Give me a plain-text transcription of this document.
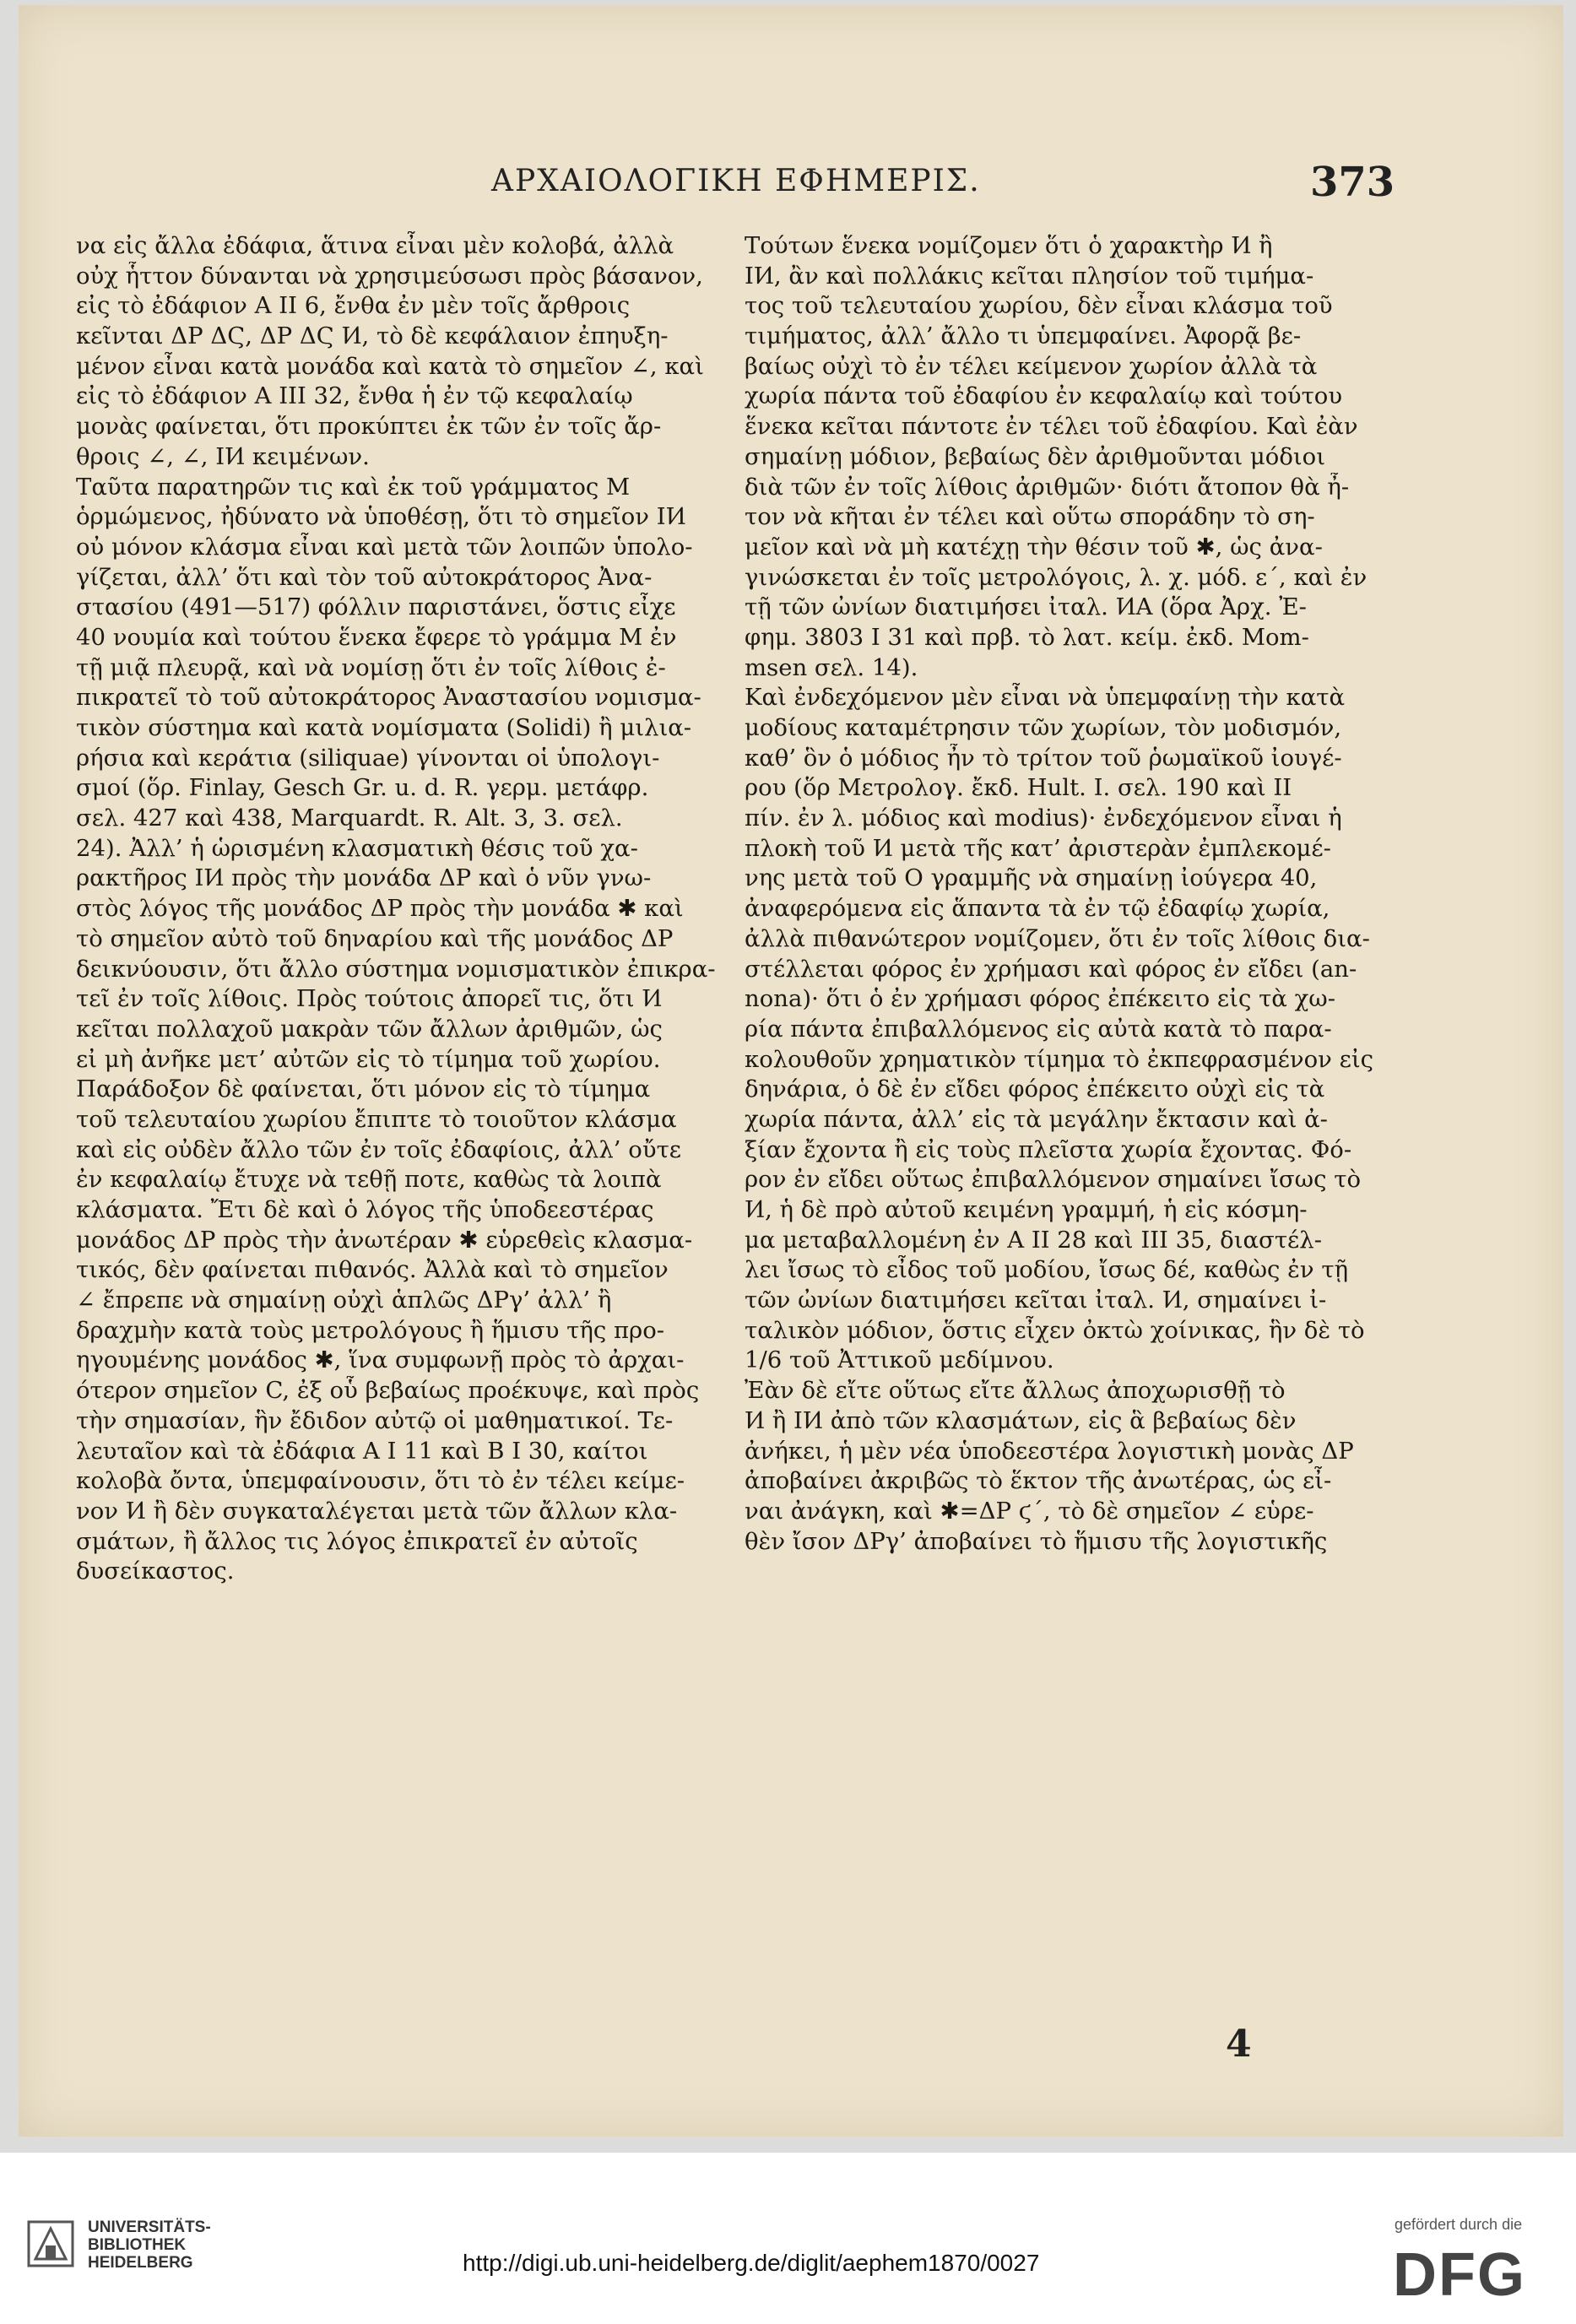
ΑΡΧΑΙΟΛΟΓΙΚΗ ΕΦΗΜΕΡΙΣ.	373
να εἰς ἄλλα ἐδάφια, ἅτινα εἶναι μὲν κολοβά, ἀλλὰ
οὐχ ἧττον δύνανται νὰ χρησιμεύσωσι πρὸς βάσανον,
εἰς τὸ ἐδάφιον Α ΙΙ 6, ἔνθα ἐν μὲν τοῖς ἄρθροις
κεῖνται ΔΡ ΔϚ, ΔΡ ΔϚ Ͷ, τὸ δὲ κεφάλαιον ἐπηυξη-
μένον εἶναι κατὰ μονάδα καὶ κατὰ τὸ σημεῖον ∠, καὶ
εἰς τὸ ἐδάφιον Α ΙΙΙ 32, ἔνθα ἡ ἐν τῷ κεφαλαίῳ
μονὰς φαίνεται, ὅτι προκύπτει ἐκ τῶν ἐν τοῖς ἄρ-
θροις ∠, ∠, ΙͶ κειμένων.
Ταῦτα παρατηρῶν τις καὶ ἐκ τοῦ γράμματος Μ
ὁρμώμενος, ἠδύνατο νὰ ὑποθέσῃ, ὅτι τὸ σημεῖον ΙͶ
οὐ μόνον κλάσμα εἶναι καὶ μετὰ τῶν λοιπῶν ὑπολο-
γίζεται, ἀλλ’ ὅτι καὶ τὸν τοῦ αὐτοκράτορος Ἀνα-
στασίου (491—517) φόλλιν παριστάνει, ὅστις εἶχε
40 νουμία καὶ τούτου ἕνεκα ἔφερε τὸ γράμμα Μ ἐν
τῇ μιᾷ πλευρᾷ, καὶ νὰ νομίσῃ ὅτι ἐν τοῖς λίθοις ἐ-
πικρατεῖ τὸ τοῦ αὐτοκράτορος Ἀναστασίου νομισμα-
τικὸν σύστημα καὶ κατὰ νομίσματα (Solidi) ἢ μιλια-
ρήσια καὶ κεράτια (siliquae) γίνονται οἱ ὑπολογι-
σμοί (ὅρ. Finlay, Gesch Gr. u. d. R. γερμ. μετάφρ.
σελ. 427 καὶ 438, Marquardt. R. Alt. 3, 3. σελ.
24). Ἀλλ’ ἡ ὡρισμένη κλασματικὴ θέσις τοῦ χα-
ρακτῆρος ΙͶ πρὸς τὴν μονάδα ΔΡ καὶ ὁ νῦν γνω-
στὸς λόγος τῆς μονάδος ΔΡ πρὸς τὴν μονάδα ✱ καὶ
τὸ σημεῖον αὐτὸ τοῦ δηναρίου καὶ τῆς μονάδος ΔΡ
δεικνύουσιν, ὅτι ἄλλο σύστημα νομισματικὸν ἐπικρα-
τεῖ ἐν τοῖς λίθοις. Πρὸς τούτοις ἀπορεῖ τις, ὅτι Ͷ
κεῖται πολλαχοῦ μακρὰν τῶν ἄλλων ἀριθμῶν, ὡς
εἰ μὴ ἀνῆκε μετ’ αὐτῶν εἰς τὸ τίμημα τοῦ χωρίου.
Παράδοξον δὲ φαίνεται, ὅτι μόνον εἰς τὸ τίμημα
τοῦ τελευταίου χωρίου ἔπιπτε τὸ τοιοῦτον κλάσμα
καὶ εἰς οὐδὲν ἄλλο τῶν ἐν τοῖς ἐδαφίοις, ἀλλ’ οὔτε
ἐν κεφαλαίῳ ἔτυχε νὰ τεθῇ ποτε, καθὼς τὰ λοιπὰ
κλάσματα. Ἔτι δὲ καὶ ὁ λόγος τῆς ὑποδεεστέρας
μονάδος ΔΡ πρὸς τὴν ἀνωτέραν ✱ εὑρεθεὶς κλασμα-
τικός, δὲν φαίνεται πιθανός. Ἀλλὰ καὶ τὸ σημεῖον
∠ ἔπρεπε νὰ σημαίνῃ οὐχὶ ἁπλῶς ΔΡγ’ ἀλλ’ ἢ
δραχμὴν κατὰ τοὺς μετρολόγους ἢ ἥμισυ τῆς προ-
ηγουμένης μονάδος ✱, ἵνα συμφωνῇ πρὸς τὸ ἀρχαι-
ότερον σημεῖον C, ἐξ οὗ βεβαίως προέκυψε, καὶ πρὸς
τὴν σημασίαν, ἣν ἔδιδον αὐτῷ οἱ μαθηματικοί. Τε-
λευταῖον καὶ τὰ ἐδάφια Α Ι 11 καὶ Β Ι 30, καίτοι
κολοβὰ ὄντα, ὑπεμφαίνουσιν, ὅτι τὸ ἐν τέλει κείμε-
νον Ͷ ἢ δὲν συγκαταλέγεται μετὰ τῶν ἄλλων κλα-
σμάτων, ἢ ἄλλος τις λόγος ἐπικρατεῖ ἐν αὐτοῖς
δυσείκαστος.
Τούτων ἕνεκα νομίζομεν ὅτι ὁ χαρακτὴρ Ͷ ἢ
ΙͶ, ἂν καὶ πολλάκις κεῖται πλησίον τοῦ τιμήμα-
τος τοῦ τελευταίου χωρίου, δὲν εἶναι κλάσμα τοῦ
τιμήματος, ἀλλ’ ἄλλο τι ὑπεμφαίνει. Ἀφορᾷ βε-
βαίως οὐχὶ τὸ ἐν τέλει κείμενον χωρίον ἀλλὰ τὰ
χωρία πάντα τοῦ ἐδαφίου ἐν κεφαλαίῳ καὶ τούτου
ἕνεκα κεῖται πάντοτε ἐν τέλει τοῦ ἐδαφίου. Καὶ ἐὰν
σημαίνῃ μόδιον, βεβαίως δὲν ἀριθμοῦνται μόδιοι
διὰ τῶν ἐν τοῖς λίθοις ἀριθμῶν· διότι ἄτοπον θὰ ἦ-
τον νὰ κῆται ἐν τέλει καὶ οὕτω σποράδην τὸ ση-
μεῖον καὶ νὰ μὴ κατέχῃ τὴν θέσιν τοῦ ✱, ὡς ἀνα-
γινώσκεται ἐν τοῖς μετρολόγοις, λ. χ. μόδ. ε΄, καὶ ἐν
τῇ τῶν ὠνίων διατιμήσει ἰταλ. ͶΑ (ὅρα Ἀρχ. Ἐ-
φημ. 3803 Ι 31 καὶ πρβ. τὸ λατ. κείμ. ἐκδ. Mom-
msen σελ. 14).
Καὶ ἐνδεχόμενον μὲν εἶναι νὰ ὑπεμφαίνῃ τὴν κατὰ
μοδίους καταμέτρησιν τῶν χωρίων, τὸν μοδισμόν,
καθ’ ὃν ὁ μόδιος ἦν τὸ τρίτον τοῦ ῥωμαϊκοῦ ἰουγέ-
ρου (ὅρ Μετρολογ. ἔκδ. Hult. I. σελ. 190 καὶ ΙΙ
πίν. ἐν λ. μόδιος καὶ modius)· ἐνδεχόμενον εἶναι ἡ
πλοκὴ τοῦ Ͷ μετὰ τῆς κατ’ ἀριστερὰν ἐμπλεκομέ-
νης μετὰ τοῦ Ο γραμμῆς νὰ σημαίνῃ ἰούγερα 40,
ἀναφερόμενα εἰς ἅπαντα τὰ ἐν τῷ ἐδαφίῳ χωρία,
ἀλλὰ πιθανώτερον νομίζομεν, ὅτι ἐν τοῖς λίθοις δια-
στέλλεται φόρος ἐν χρήμασι καὶ φόρος ἐν εἴδει (an-
nona)· ὅτι ὁ ἐν χρήμασι φόρος ἐπέκειτο εἰς τὰ χω-
ρία πάντα ἐπιβαλλόμενος εἰς αὐτὰ κατὰ τὸ παρα-
κολουθοῦν χρηματικὸν τίμημα τὸ ἐκπεφρασμένον εἰς
δηνάρια, ὁ δὲ ἐν εἴδει φόρος ἐπέκειτο οὐχὶ εἰς τὰ
χωρία πάντα, ἀλλ’ εἰς τὰ μεγάλην ἔκτασιν καὶ ἀ-
ξίαν ἔχοντα ἢ εἰς τοὺς πλεῖστα χωρία ἔχοντας. Φό-
ρον ἐν εἴδει οὕτως ἐπιβαλλόμενον σημαίνει ἴσως τὸ
Ͷ, ἡ δὲ πρὸ αὐτοῦ κειμένη γραμμή, ἡ εἰς κόσμη-
μα μεταβαλλομένη ἐν Α ΙΙ 28 καὶ ΙΙΙ 35, διαστέλ-
λει ἴσως τὸ εἶδος τοῦ μοδίου, ἴσως δέ, καθὼς ἐν τῇ
τῶν ὠνίων διατιμήσει κεῖται ἰταλ. Ͷ, σημαίνει ἰ-
ταλικὸν μόδιον, ὅστις εἶχεν ὀκτὼ χοίνικας, ἣν δὲ τὸ
1/6 τοῦ Ἀττικοῦ μεδίμνου.
Ἐὰν δὲ εἴτε οὕτως εἴτε ἄλλως ἀποχωρισθῇ τὸ
Ͷ ἢ ΙͶ ἀπὸ τῶν κλασμάτων, εἰς ἃ βεβαίως δὲν
ἀνήκει, ἡ μὲν νέα ὑποδεεστέρα λογιστικὴ μονὰς ΔΡ
ἀποβαίνει ἀκριβῶς τὸ ἕκτον τῆς ἀνωτέρας, ὡς εἶ-
ναι ἀνάγκη, καὶ ✱=ΔΡ ϛ΄, τὸ δὲ σημεῖον ∠ εὑρε-
θὲν ἴσον ΔΡγ’ ἀποβαίνει τὸ ἥμισυ τῆς λογιστικῆς
4
UNIVERSITÄTS-
BIBLIOTHEK
HEIDELBERG	http://digi.ub.uni-heidelberg.de/diglit/aephem1870/0027
gefördert durch die
DFG
